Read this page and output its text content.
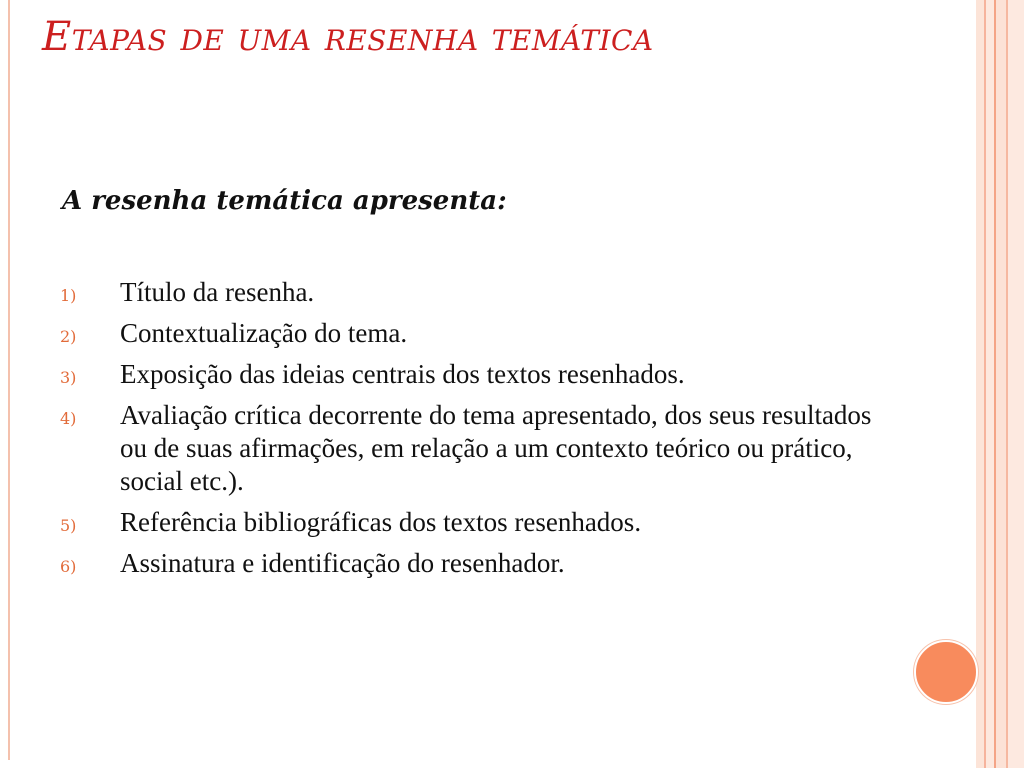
Etapas de uma resenha temática

A resenha temática apresenta:

1)	Título da resenha.
2)	Contextualização do tema.
3)	Exposição das ideias centrais dos textos resenhados.
4)	Avaliação crítica decorrente do tema apresentado, dos seus resultados ou de suas afirmações, em relação a um contexto teórico ou prático, social etc.).
5)	Referência bibliográficas dos textos resenhados.
6)	Assinatura e identificação do resenhador.
